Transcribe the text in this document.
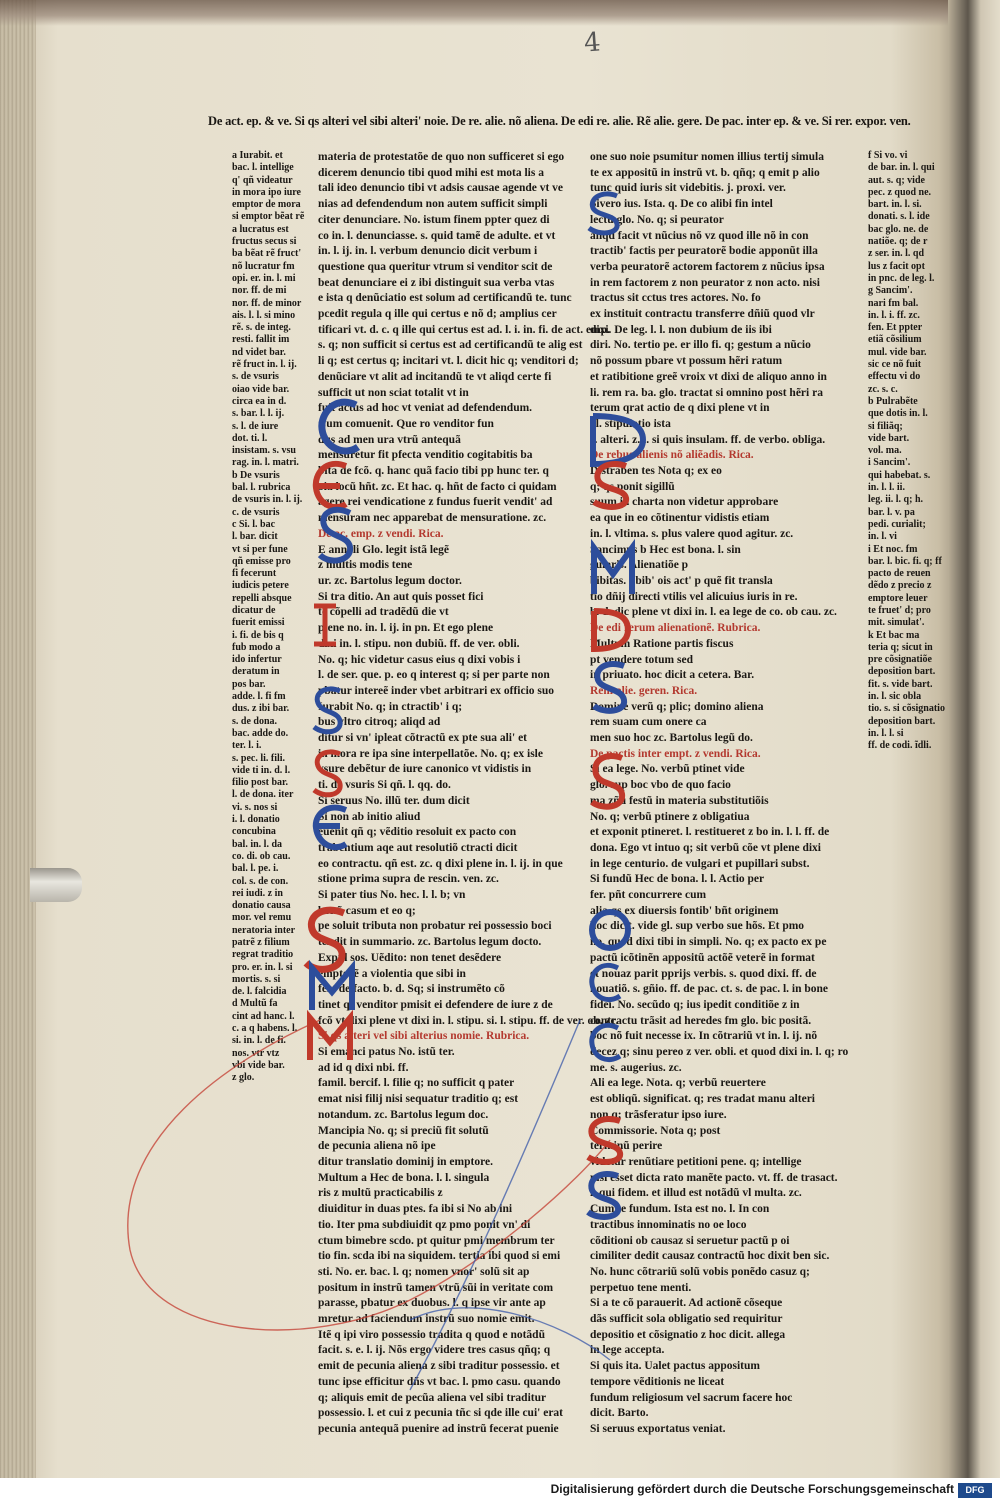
4
De act. ep. & ve. Si qs alteri vel sibi alteri' noie. De re. alie. nõ aliena. De edi re. alie. Rẽ alie. gere. De pac. inter ep. & ve. Si rer. expor. ven.
a Iurabit. et
bac. l. intellige
q' qñ videatur
in mora ipo iure
emptor de mora
si emptor bẽat rẽ
a lucratus est
fructus secus si
ba bẽat rẽ fruct'
nõ lucratur fm
opi. er. in. l. mi
nor. ff. de mi
nor. ff. de minor
ais. l. l. si mino
rẽ. s. de integ.
resti. fallit im
nd videt bar.
rẽ fruct in. l. ij.
s. de vsuris
oiao vide bar.
circa ea in d.
s. bar. l. l. ij.
s. l. de iure
dot. ti. l.
insistam. s. vsu
rag. in. l. matri.
b De vsuris
bal. l. rubrica
de vsuris in. l. ij.
c. de vsuris
c Si. l. bac
l. bar. dicit
vt si per fune
qñ emisse pro
fi fecerunt
iudicis petere
repelli absque
dicatur de
fuerit emissi
i. fi. de bis q
fub modo a
ido infertur
deratum in
pos bar.
adde. l. fi fm
dus. z ibi bar.
s. de dona.
bac. adde do.
ter. l. i.
s. pec. li. fili.
vide ti in. d. l.
filio post bar.
l. de dona. iter
vi. s. nos si
i. l. donatio
concubina
bal. in. l. da
co. di. ob cau.
bal. l. pe. i.
col. s. de con.
rei iudi. z in
donatio causa
mor. vel remu
neratoria inter
patrẽ z filium
regrat traditio
pro. er. in. l. si
mortis. s. si
de. l. falcidia
d Multũ fa
cint ad hanc. l.
c. a q habens. l.
si. in. l. de fi.
nos. vtr vtz
vbi vide bar.
z glo.
materia de protestatõe de quo non sufficeret si ego
dicerem denuncio tibi quod mihi est mota lis a
tali ideo denuncio tibi vt adsis causae agende vt ve
nias ad defendendum non autem sufficit simpli
citer denunciare. No. istum finem ppter quez di
co in. l. denunciasse. s. quid tamẽ de adulte. et vt
in. l. ij. in. l. verbum denuncio dicit verbum i
questione qua queritur vtrum si venditor scit de
beat denunciare ei z ibi distinguit sua verba vtas
e ista q denũciatio est solum ad certificandũ te. tunc
pcedit regula q ille qui certus e nõ d; amplius cer
tificari vt. d. c. q ille qui certus est ad. l. i. in. fi. de act. emp.
s. q; non sufficit si certus est ad certificandũ te alig est
li q; est certus q; incitari vt. l. dicit hic q; venditori d;
denũciare vt alit ad incitandũ te vt aliqd certe fi
sufficit ut non sciat totalit vt in
fuit actus ad hoc vt veniat ad defendendum.
Cum comuenit. Que ro venditor fun
dus ad men ura vtrũ antequã
mensuretur fit pfecta venditio cogitabitis ba
bita de fcõ. q. hanc quã facio tibi pp hunc ter. q
oia locũ hñt. zc. Et hac. q. hñt de facto ci quidam
agere rei vendicatione z fundus fuerit vendit' ad
mensuram nec apparebat de mensuratione. zc.
De ac. emp. z vendi. Rica.
E annali Glo. legit istã legẽ
z multis modis tene
ur. zc. Bartolus legum doctor.
Si tra ditio. An aut quis posset fici
te cõpelli ad tradẽdũ die vt
plene no. in. l. ij. in pn. Et ego plene
dixi in. l. stipu. non dubiũ. ff. de ver. obli.
No. q; hic videtur casus eius q dixi vobis i
l. de ser. que. p. eo q interest q; si per parte non
pbatur intereẽ inder vbet arbitrari ex officio suo
Iurabit No. q; in ctractib' i q;
bus vltro citroq; aliqd ad
ditur si vn' ipleat cõtractũ ex pte sua ali' et
in mora re ipa sine interpellatõe. No. q; ex isle
vsure debẽtur de iure canonico vt vidistis in
ti. de vsuris Si qñ. l. qq. do.
Si seruus No. illũ ter. dum dicit
Si non ab initio aliud
euenit qñ q; vẽditio resoluit ex pacto con
trabentium aqe aut resolutiõ ctracti dicit
eo contractu. qñ est. zc. q dixi plene in. l. ij. in que
stione prima supra de rescin. ven. zc.
Si pater tius No. hec. l. l. b; vn
bonũ casum et eo q;
pe soluit tributa non probatur rei possessio boci
tendit in summario. zc. Bartolus legum docto.
Expul sos. Uẽdito: non tenet desẽdere
emptorẽ a violentia que sibi in
fert de facto. b. d. Sq; si instrumẽto cõ
tinet q; venditor pmisit ei defendere de iure z de
fcõ vt dixi plene vt dixi in. l. stipu. si. l. stipu. ff. de ver. ob. zc.
Si qs alteri vel sibi alterius nomie. Rubrica.
Si emanci patus No. istũ ter.
ad id q dixi nbi. ff.
famil. bercif. l. filie q; no sufficit q pater
emat nisi filij nisi sequatur traditio q; est
notandum. zc. Bartolus legum doc.
Mancipia No. q; si preciũ fit solutũ
de pecunia aliena nõ ipe
ditur translatio dominij in emptore.
Multum a Hec de bona. l. l. singula
ris z multũ practicabilis z
diuiditur in duas ptes. fa ibi si No ab ini
tio. Iter pma subdiuidit qz pmo ponit vn' di
ctum bimebre scdo. pt quitur pmi membrum ter
tio fin. scda ibi na siquidem. tertia ibi quod si emi
sti. No. er. bac. l. q; nomen vnor' solũ sit ap
positum in instrũ tamen vtrũ sũi in veritate com
parasse, pbatur ex duobus. l. q ipse vir ante ap
mretur ad faciendum instrũ suo nomie emit.
Itẽ q ipi viro possessio tradita q quod e notãdũ
facit. s. e. l. ij. Nõs ergo videre tres casus qñq; q
emit de pecunia aliena z sibi traditur possessio. et
tunc ipse efficitur dñs vt bac. l. pmo casu. quando
q; aliquis emit de pecũa aliena vel sibi traditur
possessio. l. et cui z pecunia tñc si qde ille cui' erat
pecunia antequã puenire ad instrũ fecerat puenie
one suo noie psumitur nomen illius tertij simula
te ex appositũ in instrũ vt. b. qñq; q emit p alio
tunc quid iuris sit videbitis. j. proxi. ver.
Sivero ius. Ista. q. De co alibi fin intel
lectũ glo. No. q; si peurator
aliqd facit vt nũcius nõ vz quod ille nõ in con
tractib' factis per peuratorẽ bodie apponũt illa
verba peuratorẽ actorem factorem z nũcius ipsa
in rem factorem z non peurator z non acto. nisi
tractus sit cctus tres actores. No. fo
ex instituit contractu transferre dñiũ quod vlr
dixi. De leg. l. l. non dubium de iis ibi
diri. No. tertio pe. er illo fi. q; gestum a nũcio
nõ possum pbare vt possum hẽri ratum
et ratibitione greẽ vroix vt dixi de aliquo anno in
li. rem ra. ba. glo. tractat si omnino post hẽri ra
terum qrat actio de q dixi plene vt in
. l. stipulatio ista
s. alteri. z. l. si quis insulam. ff. de verbo. obliga.
De rebus alienis nõ aliẽadis. Rica.
Distraben tes Nota q; ex eo
q; qs ponit sigillũ
suum in charta non videtur approbare
ea que in eo cõtinentur vidistis etiam
in. l. vltima. s. plus valere quod agitur. zc.
Sancimus b Hec est bona. l. sin
gularis. Alienatiõe p
bibitas. pbib' ois act' p quẽ fit transla
tio dñij directi vtilis vel alicuius iuris in re.
b. d. dic plene vt dixi in. l. ea lege de co. ob cau. zc.
De edi rerum alienationẽ. Rubrica.
Multum Ratione partis fiscus
pt vendere totum sed
in priuato. hoc dicit a cetera. Bar.
Rem alie. geren. Rica.
Domine verũ q; plic; domino aliena
rem suam cum onere ca
men suo hoc zc. Bartolus legũ do.
De pactis inter empt. z vendi. Rica.
Si ea lege. No. verbũ ptinet vide
glo. sup boc vbo de quo facio
ma zñũ festũ in materia substitutiõis
No. q; verbũ ptinere z obligatiua
et exponit ptineret. l. restitueret z bo in. l. l. ff. de
dona. Ego vt intuo q; sit verbũ cõe vt plene dixi
in lege centurio. de vulgari et pupillari subst.
Si fundũ Hec de bona. l. l. Actio per
fer. pñt concurrere cum
alia qs ex diuersis fontib' bñt originem
hoc dicit. vide gl. sup verbo sue hõs. Et pmo
no. quod dixi tibi in simpli. No. q; ex pacto ex pe
pactũ icõtinẽn appositũ actõẽ veterẽ in format
et nouaz parit pprijs verbis. s. quod dixi. ff. de
nouatiõ. s. gñio. ff. de pac. ct. s. de pac. l. in bone
fidei. No. secũdo q; ius ipedit conditiõe z in
contractu trãsit ad heredes fm glo. bic positã.
boc nõ fuit necesse ix. In cõtrariũ vt in. l. ij. nõ
decez q; sinu pereo z ver. obli. et quod dixi in. l. q; ro
me. s. augerius. zc.
Ali ea lege. Nota. q; verbũ reuertere
est obliqũ. significat. q; res tradat manu alteri
non q; trãsferatur ipso iure.
Commissorie. Nota q; post
terminũ perire
videtur renũtiare petitioni pene. q; intellige
nisi esset dicta rato manẽte pacto. vt. ff. de trasact.
l. qui fidem. et illud est notãdũ vl multa. zc.
Cum te fundum. Ista est no. l. In con
tractibus innominatis no oe loco
cõditioni ob causaz si seruetur pactũ p oi
cimiliter dedit causaz contractũ hoc dixit ben sic.
No. hunc cõtrariũ solũ vobis ponẽdo casuz q;
perpetuo tene menti.
Si a te cõ parauerit. Ad actionẽ cõseque
dãs sufficit sola obligatio sed requiritur
depositio et cõsignatio z hoc dicit. allega
in lege accepta.
Si quis ita. Ualet pactus appositum
tempore vẽditionis ne liceat
fundum religiosum vel sacrum facere hoc
dicit. Barto.
Si seruus exportatus veniat.
f Si vo. vi
de bar. in. l. qui
aut. s. q; vide
pec. z quod ne.
bart. in. l. si.
donati. s. l. ide
bac glo. ne. de
natiõe. q; de r
z ser. in. l. qd
lus z facit opt
in pnc. de leg. l.
g Sancim'.
nari fm bal.
in. l. i. ff. zc.
fen. Et ppter
etiã cõsilium
mul. vide bar.
sic ce nõ fuit
effectu vi do
zc. s. c.
b Pulrabẽte
que dotis in. l.
si filiãq;
vide bart.
vol. ma.
i Sancim'.
qui habebat. s.
in. l. l. ii.
leg. ii. l. q; h.
bar. l. v. pa
pedi. curialit;
in. l. vi
i Et noc. fm
bar. l. bic. fi. q; ff
pacto de reuen
dẽdo z precio z
emptore leuer
te fruet' d; pro
mit. simulat'.
k Et bac ma
teria q; sicut in
pre cõsignatiõe
deposition bart.
fit. s. vide bart.
in. l. sic obla
tio. s. si cõsignatio
deposition bart.
in. l. l. si
ff. de codi. ĩdli.
Digitalisierung gefördert durch die Deutsche Forschungsgemeinschaft	DFG
